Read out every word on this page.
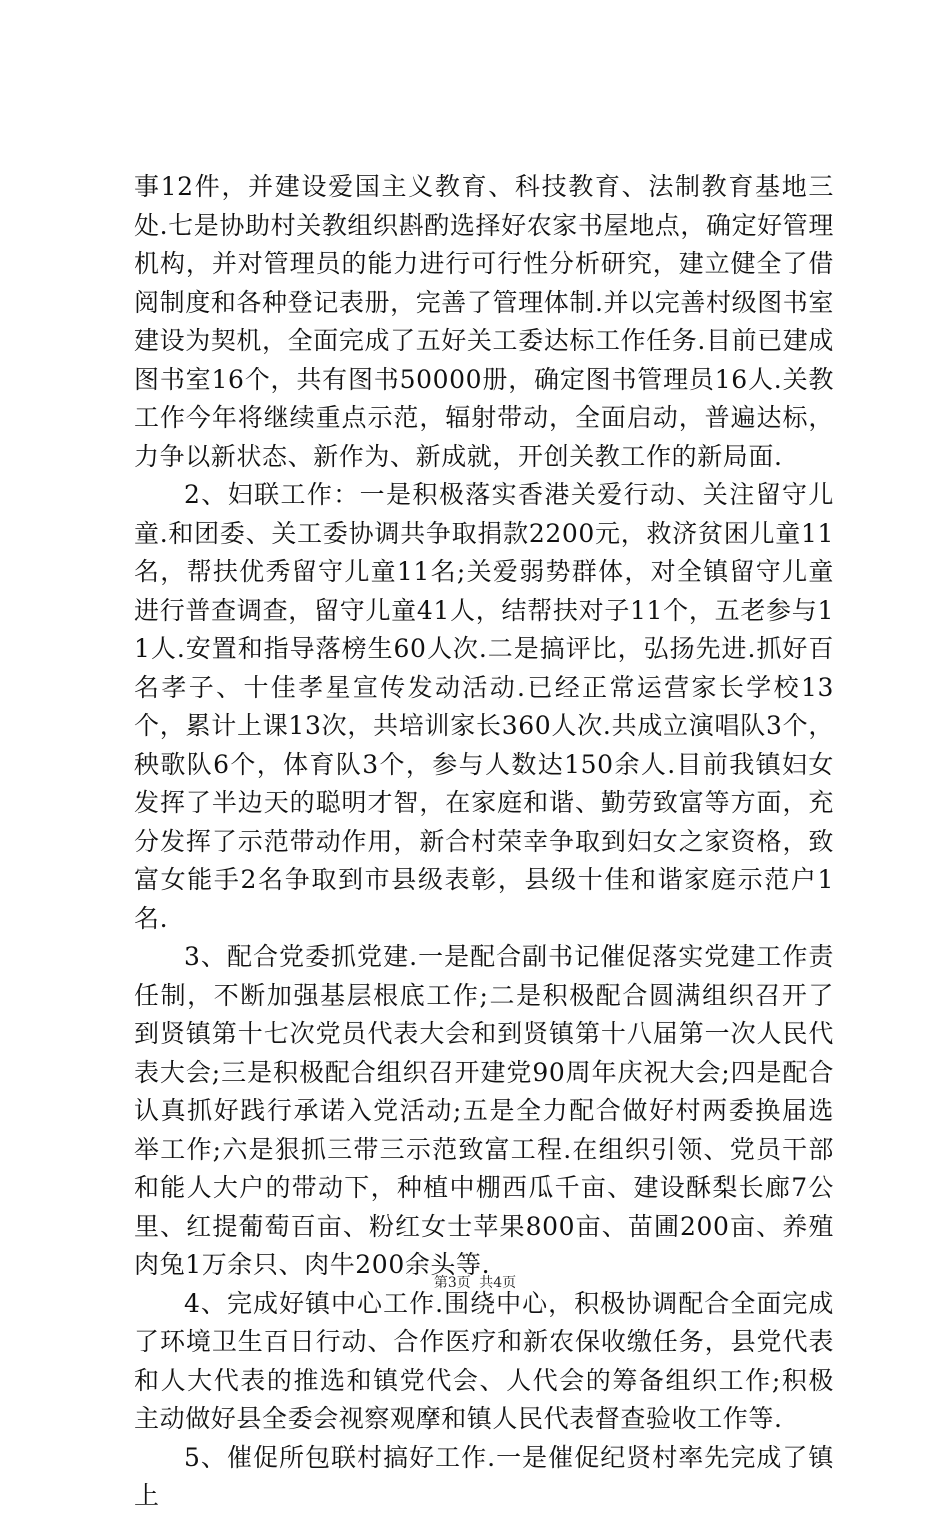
事12件，并建设爱国主义教育、科技教育、法制教育基地三处.七是协助村关教组织斟酌选择好农家书屋地点，确定好管理机构，并对管理员的能力进行可行性分析研究，建立健全了借阅制度和各种登记表册，完善了管理体制.并以完善村级图书室建设为契机，全面完成了五好关工委达标工作任务.目前已建成图书室16个，共有图书50000册，确定图书管理员16人.关教工作今年将继续重点示范，辐射带动，全面启动，普遍达标，力争以新状态、新作为、新成就，开创关教工作的新局面.

2、妇联工作：一是积极落实香港关爱行动、关注留守儿童.和团委、关工委协调共争取捐款2200元，救济贫困儿童11名，帮扶优秀留守儿童11名;关爱弱势群体，对全镇留守儿童进行普查调查，留守儿童41人，结帮扶对子11个，五老参与11人.安置和指导落榜生60人次.二是搞评比，弘扬先进.抓好百名孝子、十佳孝星宣传发动活动.已经正常运营家长学校13个，累计上课13次，共培训家长360人次.共成立演唱队3个，秧歌队6个，体育队3个，参与人数达150余人.目前我镇妇女发挥了半边天的聪明才智，在家庭和谐、勤劳致富等方面，充分发挥了示范带动作用，新合村荣幸争取到妇女之家资格，致富女能手2名争取到市县级表彰，县级十佳和谐家庭示范户1名.

3、配合党委抓党建.一是配合副书记催促落实党建工作责任制，不断加强基层根底工作;二是积极配合圆满组织召开了到贤镇第十七次党员代表大会和到贤镇第十八届第一次人民代表大会;三是积极配合组织召开建党90周年庆祝大会;四是配合认真抓好践行承诺入党活动;五是全力配合做好村两委换届选举工作;六是狠抓三带三示范致富工程.在组织引领、党员干部和能人大户的带动下，种植中棚西瓜千亩、建设酥梨长廊7公里、红提葡萄百亩、粉红女士苹果800亩、苗圃200亩、养殖肉兔1万余只、肉牛200余头等.

4、完成好镇中心工作.围绕中心，积极协调配合全面完成了环境卫生百日行动、合作医疗和新农保收缴任务，县党代表和人大代表的推选和镇党代会、人代会的筹备组织工作;积极主动做好县全委会视察观摩和镇人民代表督查验收工作等.

5、催促所包联村搞好工作.一是催促纪贤村率先完成了镇上

第3页 共4页
